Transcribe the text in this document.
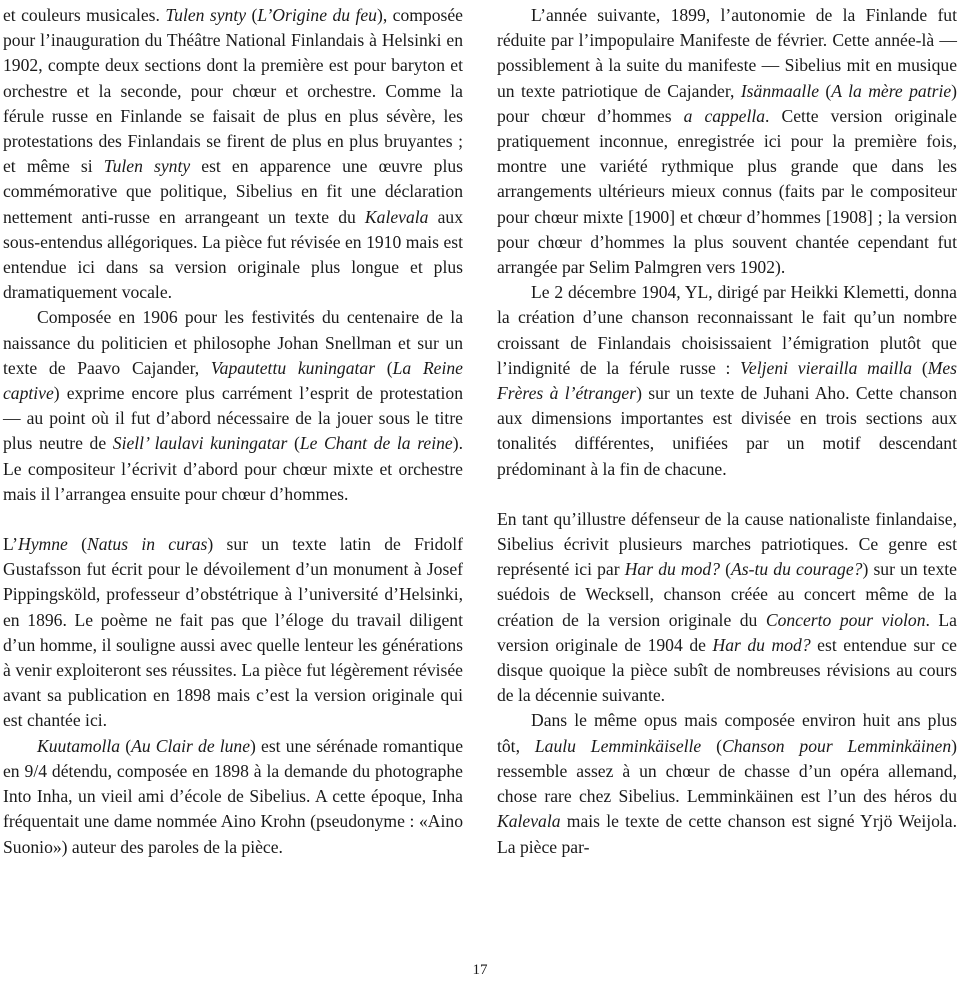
et couleurs musicales. Tulen synty (L’Origine du feu), composée pour l’inauguration du Théâtre National Finlandais à Helsinki en 1902, compte deux sections dont la première est pour baryton et orchestre et la seconde, pour chœur et orchestre. Comme la férule russe en Finlande se faisait de plus en plus sévère, les protestations des Finlandais se firent de plus en plus bruyantes ; et même si Tulen synty est en apparence une œuvre plus commémorative que politique, Sibelius en fit une déclaration nettement anti-russe en arrangeant un texte du Kalevala aux sous-entendus allégoriques. La pièce fut révisée en 1910 mais est entendue ici dans sa version originale plus longue et plus dramatiquement vocale.

Composée en 1906 pour les festivités du centenaire de la naissance du politicien et philosophe Johan Snellman et sur un texte de Paavo Cajander, Vapautettu kuningatar (La Reine captive) exprime encore plus carrément l’esprit de protestation — au point où il fut d’abord nécessaire de la jouer sous le titre plus neutre de Siell’ laulavi kuningatar (Le Chant de la reine). Le compositeur l’écrivit d’abord pour chœur mixte et orchestre mais il l’arrangea ensuite pour chœur d’hommes.

L’Hymne (Natus in curas) sur un texte latin de Fridolf Gustafsson fut écrit pour le dévoilement d’un monument à Josef Pippingsköld, professeur d’obstétrique à l’université d’Helsinki, en 1896. Le poème ne fait pas que l’éloge du travail diligent d’un homme, il souligne aussi avec quelle lenteur les générations à venir exploiteront ses réussites. La pièce fut légèrement révisée avant sa publication en 1898 mais c’est la version originale qui est chantée ici.

Kuutamolla (Au Clair de lune) est une sérénade romantique en 9/4 détendu, composée en 1898 à la demande du photographe Into Inha, un vieil ami d’école de Sibelius. A cette époque, Inha fréquentait une dame nommée Aino Krohn (pseudonyme : «Aino Suonio») auteur des paroles de la pièce.

L’année suivante, 1899, l’autonomie de la Finlande fut réduite par l’impopulaire Manifeste de février. Cette année-là — possiblement à la suite du manifeste — Sibelius mit en musique un texte patriotique de Cajander, Isänmaalle (A la mère patrie) pour chœur d’hommes a cappella. Cette version originale pratiquement inconnue, enregistrée ici pour la première fois, montre une variété rythmique plus grande que dans les arrangements ultérieurs mieux connus (faits par le compositeur pour chœur mixte [1900] et chœur d’hommes [1908] ; la version pour chœur d’hommes la plus souvent chantée cependant fut arrangée par Selim Palmgren vers 1902).

Le 2 décembre 1904, YL, dirigé par Heikki Klemetti, donna la création d’une chanson reconnaissant le fait qu’un nombre croissant de Finlandais choisissaient l’émigration plutôt que l’indignité de la férule russe : Veljeni vieraillа mailla (Mes Frères à l’étranger) sur un texte de Juhani Aho. Cette chanson aux dimensions importantes est divisée en trois sections aux tonalités différentes, unifiées par un motif descendant prédominant à la fin de chacune.

En tant qu’illustre défenseur de la cause nationaliste finlandaise, Sibelius écrivit plusieurs marches patriotiques. Ce genre est représenté ici par Har du mod? (As-tu du courage?) sur un texte suédois de Wecksell, chanson créée au concert même de la création de la version originale du Concerto pour violon. La version originale de 1904 de Har du mod? est entendue sur ce disque quoique la pièce subît de nombreuses révisions au cours de la décennie suivante.

Dans le même opus mais composée environ huit ans plus tôt, Laulu Lemminkäiselle (Chanson pour Lemminkäinen) ressemble assez à un chœur de chasse d’un opéra allemand, chose rare chez Sibelius. Lemminkäinen est l’un des héros du Kalevala mais le texte de cette chanson est signé Yrjö Weijola. La pièce par-

17
